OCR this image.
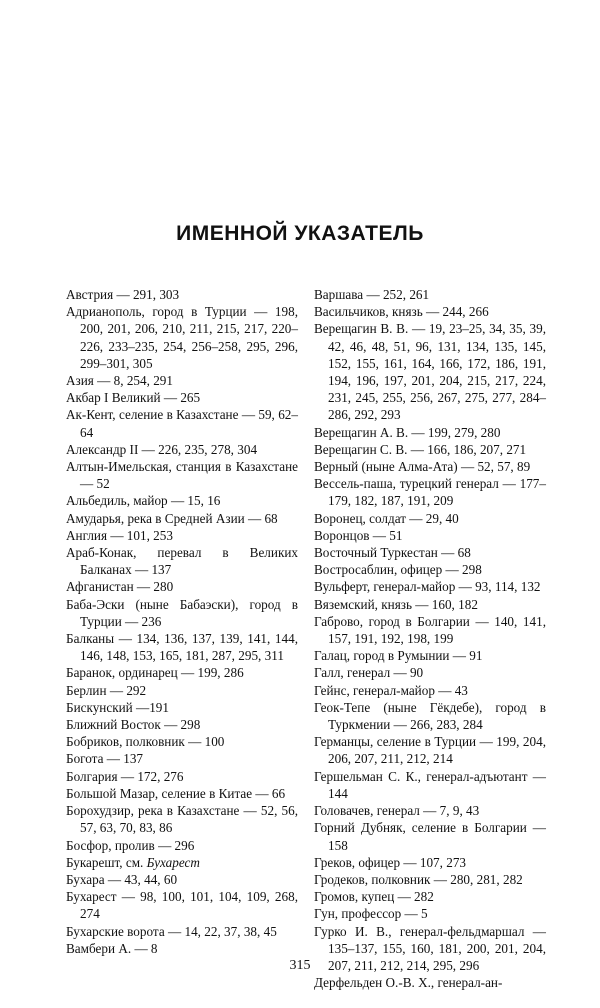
ИМЕННОЙ УКАЗАТЕЛЬ
Австрия — 291, 303
Адрианополь, город в Турции — 198, 200, 201, 206, 210, 211, 215, 217, 220–226, 233–235, 254, 256–258, 295, 296, 299–301, 305
Азия — 8, 254, 291
Акбар I Великий — 265
Ак-Кент, селение в Казахстане — 59, 62–64
Александр II — 226, 235, 278, 304
Алтын-Имельская, станция в Казахстане— 52
Альбедиль, майор — 15, 16
Амударья, река в Средней Азии — 68
Англия — 101, 253
Араб-Конак, перевал в Великих Балканах — 137
Афганистан — 280
Баба-Эски (ныне Бабаэски), город в Турции — 236
Балканы — 134, 136, 137, 139, 141, 144, 146, 148, 153, 165, 181, 287, 295, 311
Баранок, ординарец — 199, 286
Берлин — 292
Бискунский —191
Ближний Восток — 298
Бобриков, полковник — 100
Богота — 137
Болгария — 172, 276
Большой Мазар, селение в Китае — 66
Борохудзир, река в Казахстане — 52, 56, 57, 63, 70, 83, 86
Босфор, пролив — 296
Букарешт, см. Бухарест
Бухара — 43, 44, 60
Бухарест — 98, 100, 101, 104, 109, 268, 274
Бухарские ворота — 14, 22, 37, 38, 45
Вамбери А. — 8
Варшава — 252, 261
Васильчиков, князь — 244, 266
Верещагин В. В. — 19, 23–25, 34, 35, 39, 42, 46, 48, 51, 96, 131, 134, 135, 145, 152, 155, 161, 164, 166, 172, 186, 191, 194, 196, 197, 201, 204, 215, 217, 224, 231, 245, 255, 256, 267, 275, 277, 284–286, 292, 293
Верещагин А. В. — 199, 279, 280
Верещагин С. В. — 166, 186, 207, 271
Верный (ныне Алма-Ата) — 52, 57, 89
Вессель-паша, турецкий генерал — 177–179, 182, 187, 191, 209
Воронец, солдат — 29, 40
Воронцов — 51
Восточный Туркестан — 68
Востросаблин, офицер — 298
Вульферт, генерал-майор — 93, 114, 132
Вяземский, князь — 160, 182
Габрово, город в Болгарии — 140, 141, 157, 191, 192, 198, 199
Галац, город в Румынии — 91
Галл, генерал — 90
Гейнс, генерал-майор — 43
Геок-Тепе (ныне Гёкдебе), город в Туркмении — 266, 283, 284
Германцы, селение в Турции — 199, 204, 206, 207, 211, 212, 214
Гершельман С. К., генерал-адъютант — 144
Головачев, генерал — 7, 9, 43
Горний Дубняк, селение в Болгарии — 158
Греков, офицер — 107, 273
Гродеков, полковник — 280, 281, 282
Громов, купец — 282
Гун, профессор — 5
Гурко И. В., генерал-фельдмаршал — 135–137, 155, 160, 181, 200, 201, 204, 207, 211, 212, 214, 295, 296
Дерфельден О.-В. Х., генерал-ан-
315
